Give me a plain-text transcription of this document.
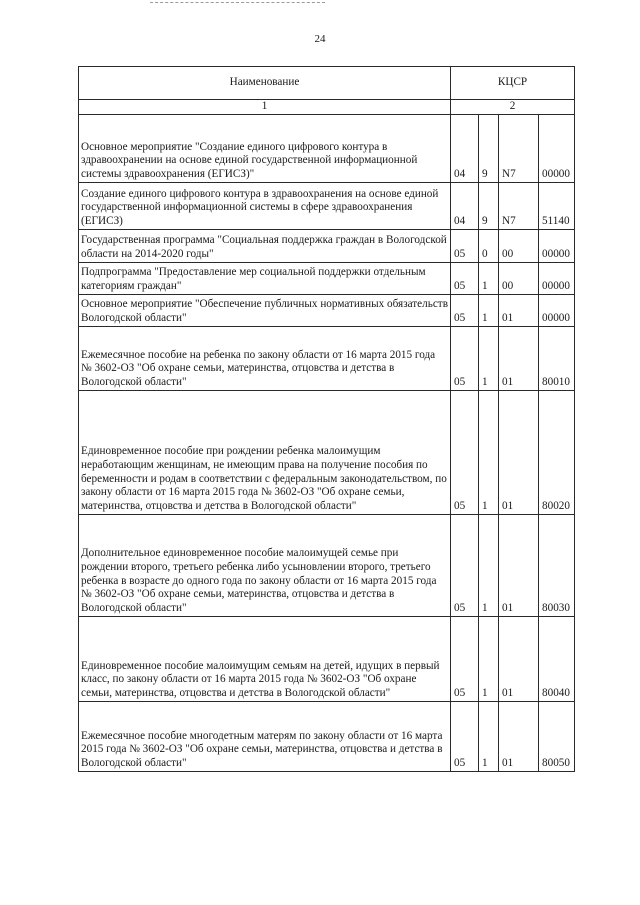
24
Наименование	КЦСР			
1	2			
Основное мероприятие "Создание единого цифрового контура в здравоохранении на основе единой государственной информационной системы здравоохранения (ЕГИСЗ)"	04	9	N7	00000
Создание единого цифрового контура в здравоохранения на основе единой государственной информационной системы в сфере здравоохранения (ЕГИСЗ)	04	9	N7	51140
Государственная программа "Социальная поддержка граждан в Вологодской области на 2014-2020 годы"	05	0	00	00000
Подпрограмма "Предоставление мер социальной поддержки отдельным категориям граждан"	05	1	00	00000
Основное мероприятие "Обеспечение публичных нормативных обязательств Вологодской области"	05	1	01	00000
Ежемесячное пособие на ребенка по закону области от 16 марта 2015 года № 3602-ОЗ "Об охране семьи, материнства, отцовства и детства в Вологодской области"	05	1	01	80010
Единовременное пособие при рождении ребенка малоимущим неработающим женщинам, не имеющим права на получение пособия по беременности и родам в соответствии с федеральным законодательством, по закону области от 16 марта 2015 года № 3602-ОЗ "Об охране семьи, материнства, отцовства и детства в Вологодской области"	05	1	01	80020
Дополнительное единовременное пособие малоимущей семье при рождении второго, третьего ребенка либо усыновлении второго, третьего ребенка в возрасте до одного года по закону области от 16 марта 2015 года № 3602-ОЗ "Об охране семьи, материнства, отцовства и детства в Вологодской области"	05	1	01	80030
Единовременное пособие малоимущим семьям на детей, идущих в первый класс, по закону области от 16 марта 2015 года № 3602-ОЗ "Об охране семьи, материнства, отцовства и детства в Вологодской области"	05	1	01	80040
Ежемесячное пособие многодетным матерям по закону области от 16 марта 2015 года № 3602-ОЗ "Об охране семьи, материнства, отцовства и детства в Вологодской области"	05	1	01	80050
